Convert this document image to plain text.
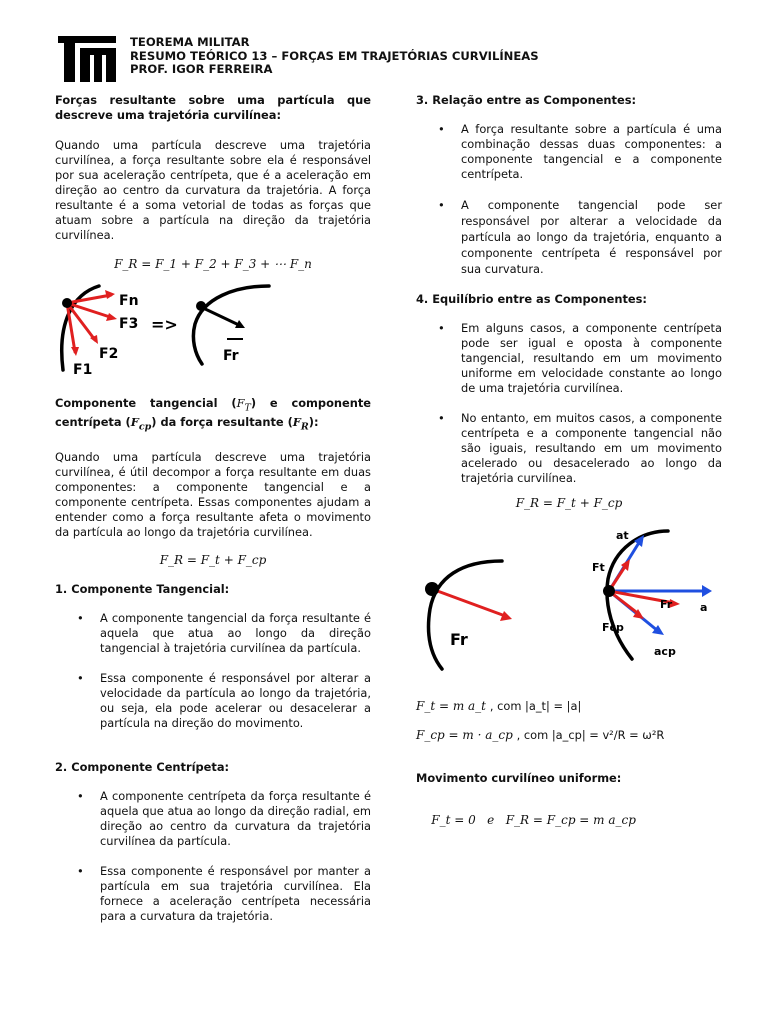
TEOREMA MILITAR
RESUMO TEÓRICO 13 – FORÇAS EM TRAJETÓRIAS CURVILÍNEAS
PROF. IGOR FERREIRA

Forças resultante sobre uma partícula que descreve uma trajetória curvilínea:

Quando uma partícula descreve uma trajetória curvilínea, a força resultante sobre ela é responsável por sua aceleração centrípeta, que é a aceleração em direção ao centro da curvatura da trajetória. A força resultante é a soma vetorial de todas as forças que atuam sobre a partícula na direção da trajetória curvilínea.

F_R = F_1 + F_2 + F_3 + ⋯ F_n
Fn
F3
F2
F1
=>
Fr

Componente tangencial $(F_T)$ e componente centrípeta $(F_{cp})$ da força resultante $(F_R)$:

Quando uma partícula descreve uma trajetória curvilínea, é útil decompor a força resultante em duas componentes: a componente tangencial e a componente centrípeta. Essas componentes ajudam a entender como a força resultante afeta o movimento da partícula ao longo da trajetória curvilínea.

F_R = F_t + F_cp

1. Componente Tangencial:

• A componente tangencial da força resultante é aquela que atua ao longo da direção tangencial à trajetória curvilínea da partícula.
• Essa componente é responsável por alterar a velocidade da partícula ao longo da trajetória, ou seja, ela pode acelerar ou desacelerar a partícula na direção do movimento.

2. Componente Centrípeta:

• A componente centrípeta da força resultante é aquela que atua ao longo da direção radial, em direção ao centro da curvatura da trajetória curvilínea da partícula.
• Essa componente é responsável por manter a partícula em sua trajetória curvilínea. Ela fornece a aceleração centrípeta necessária para a curvatura da trajetória.

3. Relação entre as Componentes:

• A força resultante sobre a partícula é uma combinação dessas duas componentes: a componente tangencial e a componente centrípeta.
• A componente tangencial pode ser responsável por alterar a velocidade da partícula ao longo da trajetória, enquanto a componente centrípeta é responsável por sua curvatura.

4. Equilíbrio entre as Componentes:

• Em alguns casos, a componente centrípeta pode ser igual e oposta à componente tangencial, resultando em um movimento uniforme em velocidade constante ao longo de uma trajetória curvilínea.
• No entanto, em muitos casos, a componente centrípeta e a componente tangencial não são iguais, resultando em um movimento acelerado ou desacelerado ao longo da trajetória curvilínea.
F_R = F_t + F_cp
Fr
at
Ft
Fr	a
Fcp
acp
F_t = m a_t , com |a_t| = |a|
F_cp = m · a_cp , com |a_cp| = v²/R = ω²R

Movimento curvilíneo uniforme:

F_t = 0   e   F_R = F_cp = m a_cp
